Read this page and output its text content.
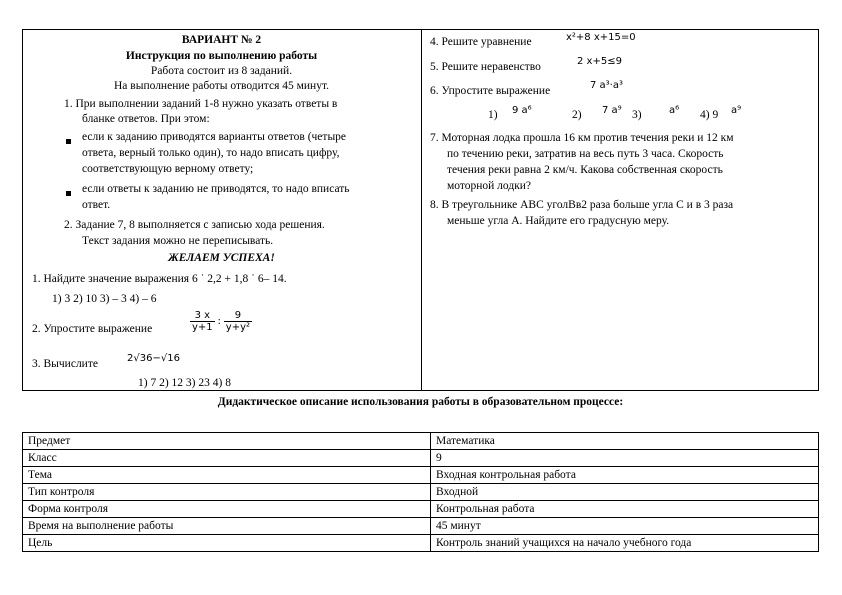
ВАРИАНТ № 2
Инструкция по выполнению работы
Работа состоит из 8 заданий.
На выполнение работы отводится 45 минут.
1. При выполнении заданий 1-8 нужно указать ответы в
бланке ответов. При этом:
если к заданию приводятся варианты ответов (четыре
ответа, верный только один), то надо вписать цифру,
соответствующую верному ответу;
если ответы к заданию не приводятся, то надо вписать
ответ.
2. Задание 7, 8 выполняется с записью хода решения.
Текст задания можно не переписывать.
ЖЕЛАЕМ УСПЕХА!
1. Найдите значение выражения 6 ˙ 2,2 + 1,8 ˙ 6– 14.
1) 3 2) 10 3) – 3 4) – 6
2. Упростите выражение	$\frac{3 x}{y+1}$ : $\frac{9}{\text{y+y²}}$
3. Вычислите	2√36−√16
1) 7 2) 12 3) 23 4) 8
4. Решите уравнение	x²+8 x+15=0
5. Решите неравенство	2 x+5≤9
6. Упростите выражение	7 a³·a³
1) 9 a⁶	2) 7 a⁹ 3)	a⁶ 4) 9 a⁹
7. Моторная лодка прошла 16 км против течения реки и 12 км
по течению реки, затратив на весь путь 3 часа. Скорость
течения реки равна 2 км/ч. Какова собственная скорость
моторной лодки?
8. В треугольнике ABC уголВв2 раза больше угла С и в 3 раза
меньше угла А. Найдите его градусную меру.
Дидактическое описание использования работы в образовательном процессе:
Предмет	Математика
Класс	9
Тема	Входная контрольная работа
Тип контроля	Входной
Форма контроля	Контрольная работа
Время на выполнение работы	45 минут
Цель	Контроль знаний учащихся на начало учебного года
